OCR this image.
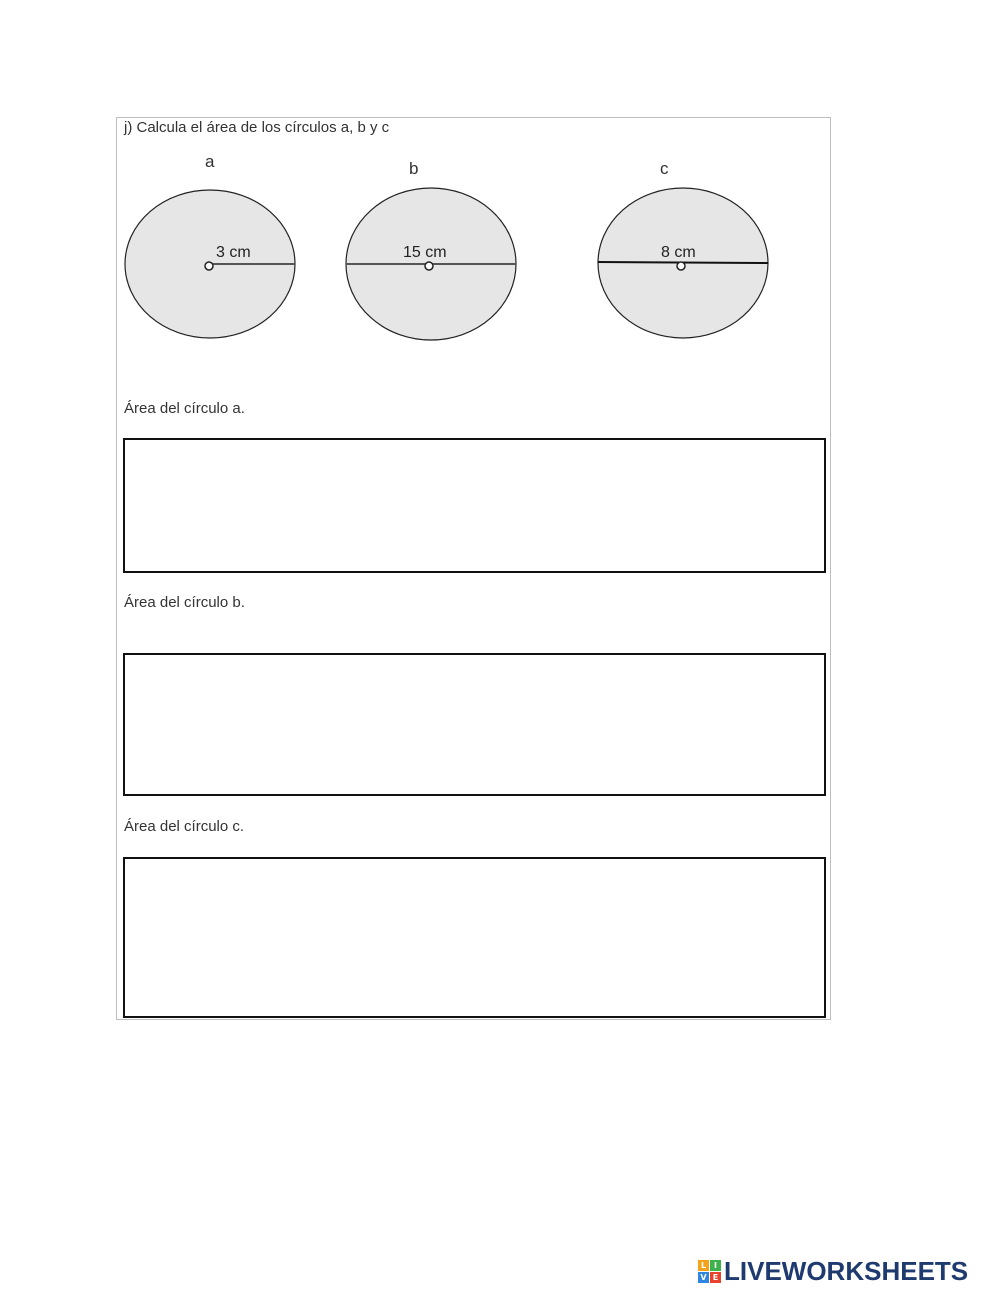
j) Calcula el área de los círculos a, b y c
a	b	c
3 cm	15 cm	8 cm
Área del círculo a.
Área del círculo b.
Área del círculo c.
L I
V E LIVEWORKSHEETS
